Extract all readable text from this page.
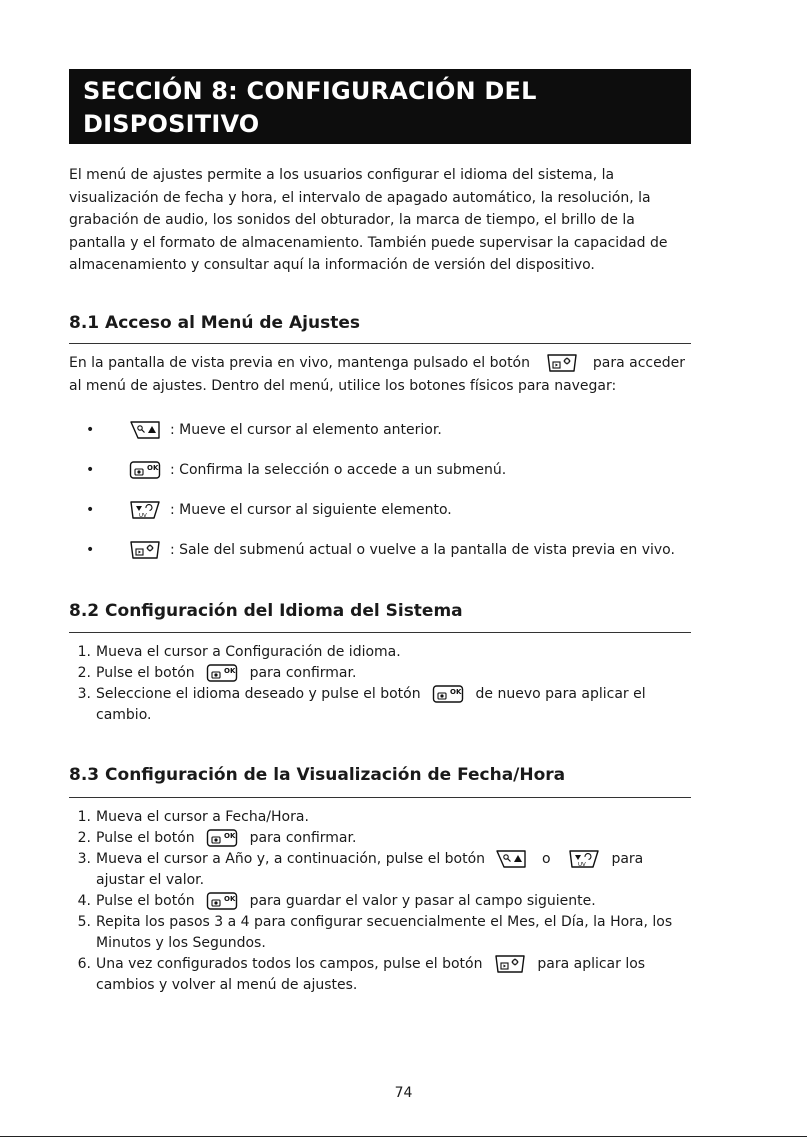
SECCIÓN 8: CONFIGURACIÓN DEL DISPOSITIVO

El menú de ajustes permite a los usuarios configurar el idioma del sistema, la visualización de fecha y hora, el intervalo de apagado automático, la resolución, la grabación de audio, los sonidos del obturador, la marca de tiempo, el brillo de la pantalla y el formato de almacenamiento. También puede supervisar la capacidad de almacenamiento y consultar aquí la información de versión del dispositivo.

8.1 Acceso al Menú de Ajustes

En la pantalla de vista previa en vivo, mantenga pulsado el botón	para acceder al menú de ajustes. Dentro del menú, utilice los botones físicos para navegar:

•	: Mueve el cursor al elemento anterior.
•	: Confirma la selección o accede a un submenú.
•	: Mueve el cursor al siguiente elemento.
•	: Sale del submenú actual o vuelve a la pantalla de vista previa en vivo.
8.2 Configuración del Idioma del Sistema
1. Mueva el cursor a Configuración de idioma.
2. Pulse el botón	para confirmar.
3. Seleccione el idioma deseado y pulse el botón	de nuevo para aplicar el cambio.
8.3 Configuración de la Visualización de Fecha/Hora
1. Mueva el cursor a Fecha/Hora.
2. Pulse el botón	para confirmar.
3. Mueva el cursor a Año y, a continuación, pulse el botón	o	para ajustar el valor.
4. Pulse el botón	para guardar el valor y pasar al campo siguiente.
5. Repita los pasos 3 a 4 para configurar secuencialmente el Mes, el Día, la Hora, los Minutos y los Segundos.
6. Una vez configurados todos los campos, pulse el botón	para aplicar los cambios y volver al menú de ajustes.
74
